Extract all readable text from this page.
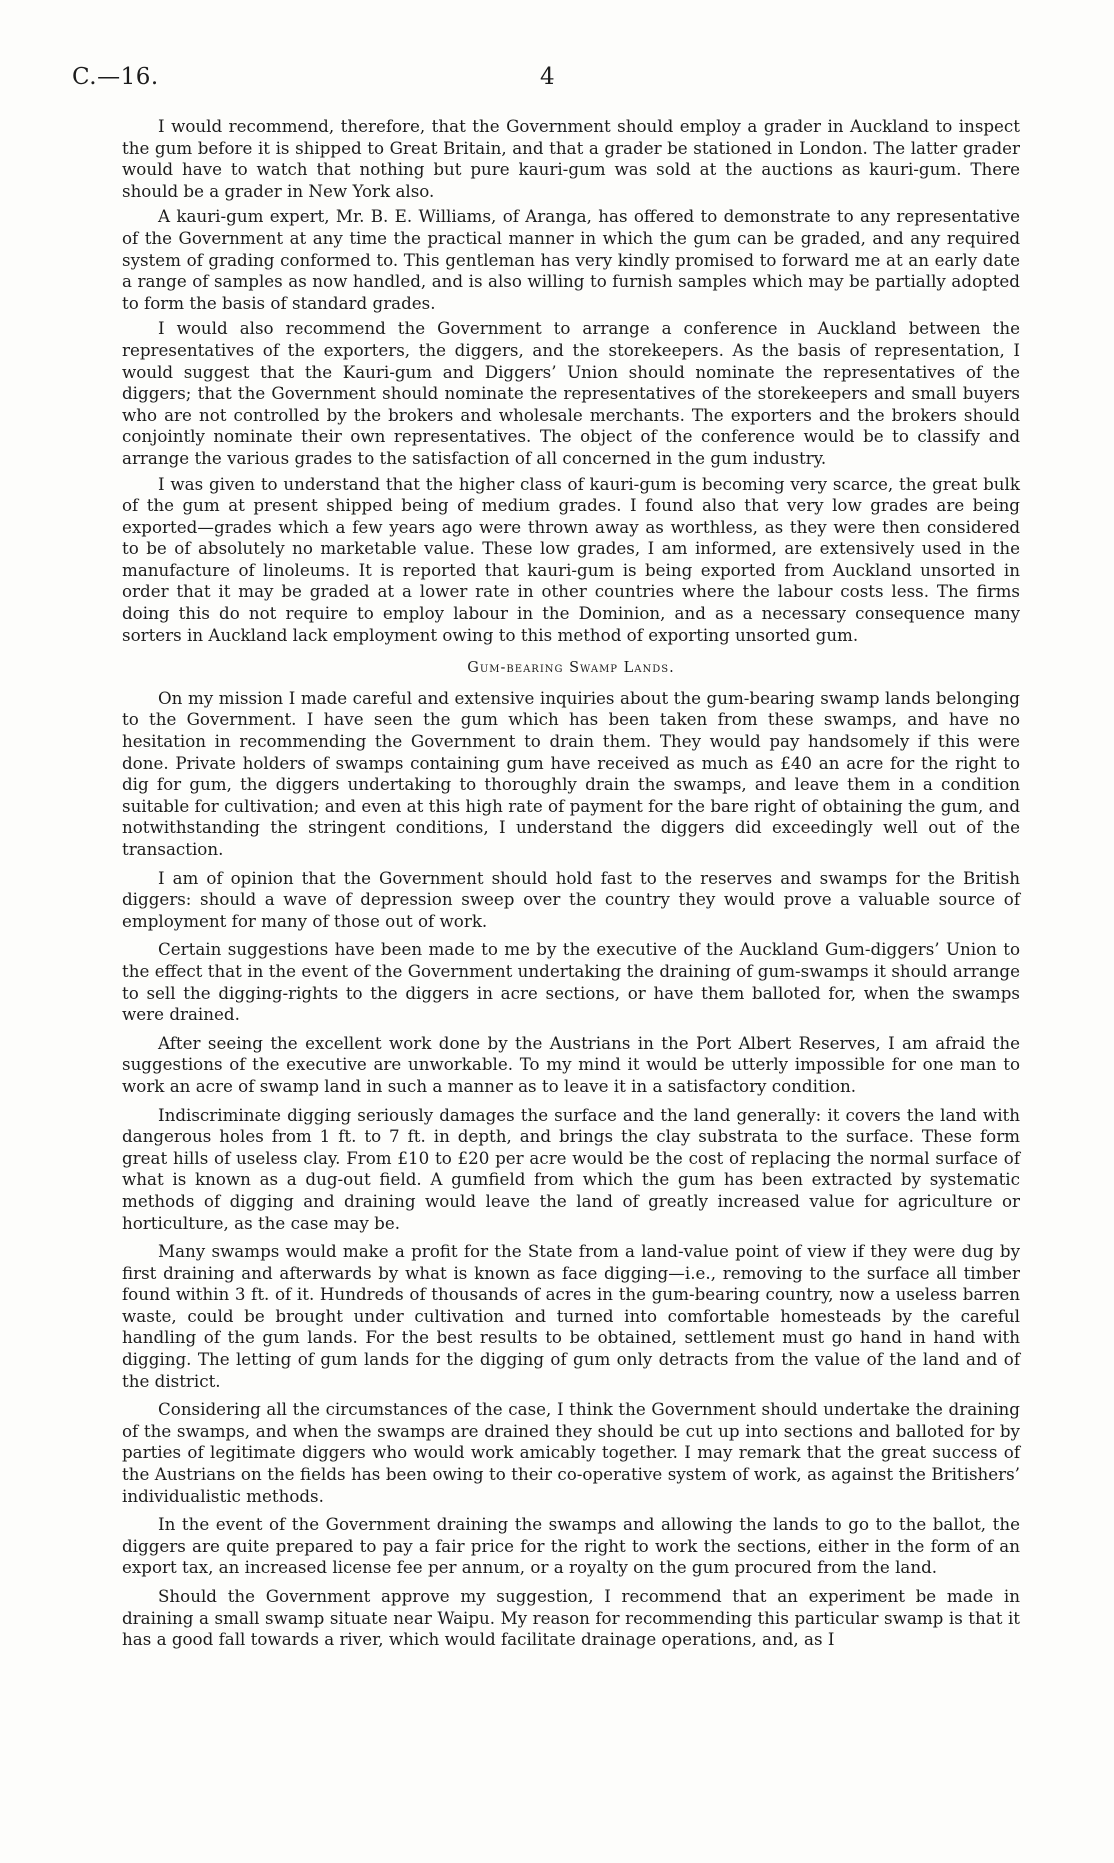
C.—16.	4

I would recommend, therefore, that the Government should employ a grader in Auckland to inspect the gum before it is shipped to Great Britain, and that a grader be stationed in London. The latter grader would have to watch that nothing but pure kauri-gum was sold at the auctions as kauri-gum. There should be a grader in New York also.

A kauri-gum expert, Mr. B. E. Williams, of Aranga, has offered to demonstrate to any representative of the Government at any time the practical manner in which the gum can be graded, and any required system of grading conformed to. This gentleman has very kindly promised to forward me at an early date a range of samples as now handled, and is also willing to furnish samples which may be partially adopted to form the basis of standard grades.

I would also recommend the Government to arrange a conference in Auckland between the representatives of the exporters, the diggers, and the storekeepers. As the basis of representation, I would suggest that the Kauri-gum and Diggers’ Union should nominate the representatives of the diggers; that the Government should nominate the representatives of the storekeepers and small buyers who are not controlled by the brokers and wholesale merchants. The exporters and the brokers should conjointly nominate their own representatives. The object of the conference would be to classify and arrange the various grades to the satisfaction of all concerned in the gum industry.

I was given to understand that the higher class of kauri-gum is becoming very scarce, the great bulk of the gum at present shipped being of medium grades. I found also that very low grades are being exported—grades which a few years ago were thrown away as worthless, as they were then considered to be of absolutely no marketable value. These low grades, I am informed, are extensively used in the manufacture of linoleums. It is reported that kauri-gum is being exported from Auckland unsorted in order that it may be graded at a lower rate in other countries where the labour costs less. The firms doing this do not require to employ labour in the Dominion, and as a necessary consequence many sorters in Auckland lack employment owing to this method of exporting unsorted gum.

Gum-bearing Swamp Lands.

On my mission I made careful and extensive inquiries about the gum-bearing swamp lands belonging to the Government. I have seen the gum which has been taken from these swamps, and have no hesitation in recommending the Government to drain them. They would pay handsomely if this were done. Private holders of swamps containing gum have received as much as £40 an acre for the right to dig for gum, the diggers undertaking to thoroughly drain the swamps, and leave them in a condition suitable for cultivation; and even at this high rate of payment for the bare right of obtaining the gum, and notwithstanding the stringent conditions, I understand the diggers did exceedingly well out of the transaction.

I am of opinion that the Government should hold fast to the reserves and swamps for the British diggers: should a wave of depression sweep over the country they would prove a valuable source of employment for many of those out of work.

Certain suggestions have been made to me by the executive of the Auckland Gum-diggers’ Union to the effect that in the event of the Government undertaking the draining of gum-swamps it should arrange to sell the digging-rights to the diggers in acre sections, or have them balloted for, when the swamps were drained.

After seeing the excellent work done by the Austrians in the Port Albert Reserves, I am afraid the suggestions of the executive are unworkable. To my mind it would be utterly impossible for one man to work an acre of swamp land in such a manner as to leave it in a satisfactory condition.

Indiscriminate digging seriously damages the surface and the land generally: it covers the land with dangerous holes from 1 ft. to 7 ft. in depth, and brings the clay substrata to the surface. These form great hills of useless clay. From £10 to £20 per acre would be the cost of replacing the normal surface of what is known as a dug-out field. A gumfield from which the gum has been extracted by systematic methods of digging and draining would leave the land of greatly increased value for agriculture or horticulture, as the case may be.

Many swamps would make a profit for the State from a land-value point of view if they were dug by first draining and afterwards by what is known as face digging—i.e., removing to the surface all timber found within 3 ft. of it. Hundreds of thousands of acres in the gum-bearing country, now a useless barren waste, could be brought under cultivation and turned into comfortable homesteads by the careful handling of the gum lands. For the best results to be obtained, settlement must go hand in hand with digging. The letting of gum lands for the digging of gum only detracts from the value of the land and of the district.

Considering all the circumstances of the case, I think the Government should undertake the draining of the swamps, and when the swamps are drained they should be cut up into sections and balloted for by parties of legitimate diggers who would work amicably together. I may remark that the great success of the Austrians on the fields has been owing to their co-operative system of work, as against the Britishers’ individualistic methods.

In the event of the Government draining the swamps and allowing the lands to go to the ballot, the diggers are quite prepared to pay a fair price for the right to work the sections, either in the form of an export tax, an increased license fee per annum, or a royalty on the gum procured from the land.

Should the Government approve my suggestion, I recommend that an experiment be made in draining a small swamp situate near Waipu. My reason for recommending this particular swamp is that it has a good fall towards a river, which would facilitate drainage operations, and, as I
